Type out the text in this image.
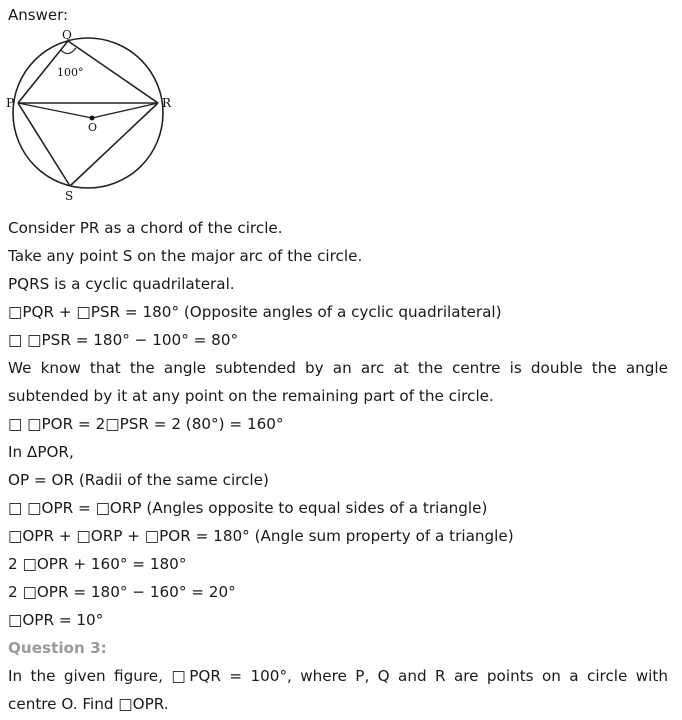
Answer:
Q
P	R
O
S
100°

Consider PR as a chord of the circle.

Take any point S on the major arc of the circle.

PQRS is a cyclic quadrilateral.

□PQR + □PSR = 180° (Opposite angles of a cyclic quadrilateral)

□ □PSR = 180° − 100° = 80°

We know that the angle subtended by an arc at the centre is double the angle

subtended by it at any point on the remaining part of the circle.

□ □POR = 2□PSR = 2 (80°) = 160°

In ΔPOR,

OP = OR (Radii of the same circle)

□ □OPR = □ORP (Angles opposite to equal sides of a triangle)

□OPR + □ORP + □POR = 180° (Angle sum property of a triangle)

2 □OPR + 160° = 180°

2 □OPR = 180° − 160° = 20°

□OPR = 10°

Question 3:

In the given figure, □PQR = 100°, where P, Q and R are points on a circle with

centre O. Find □OPR.
